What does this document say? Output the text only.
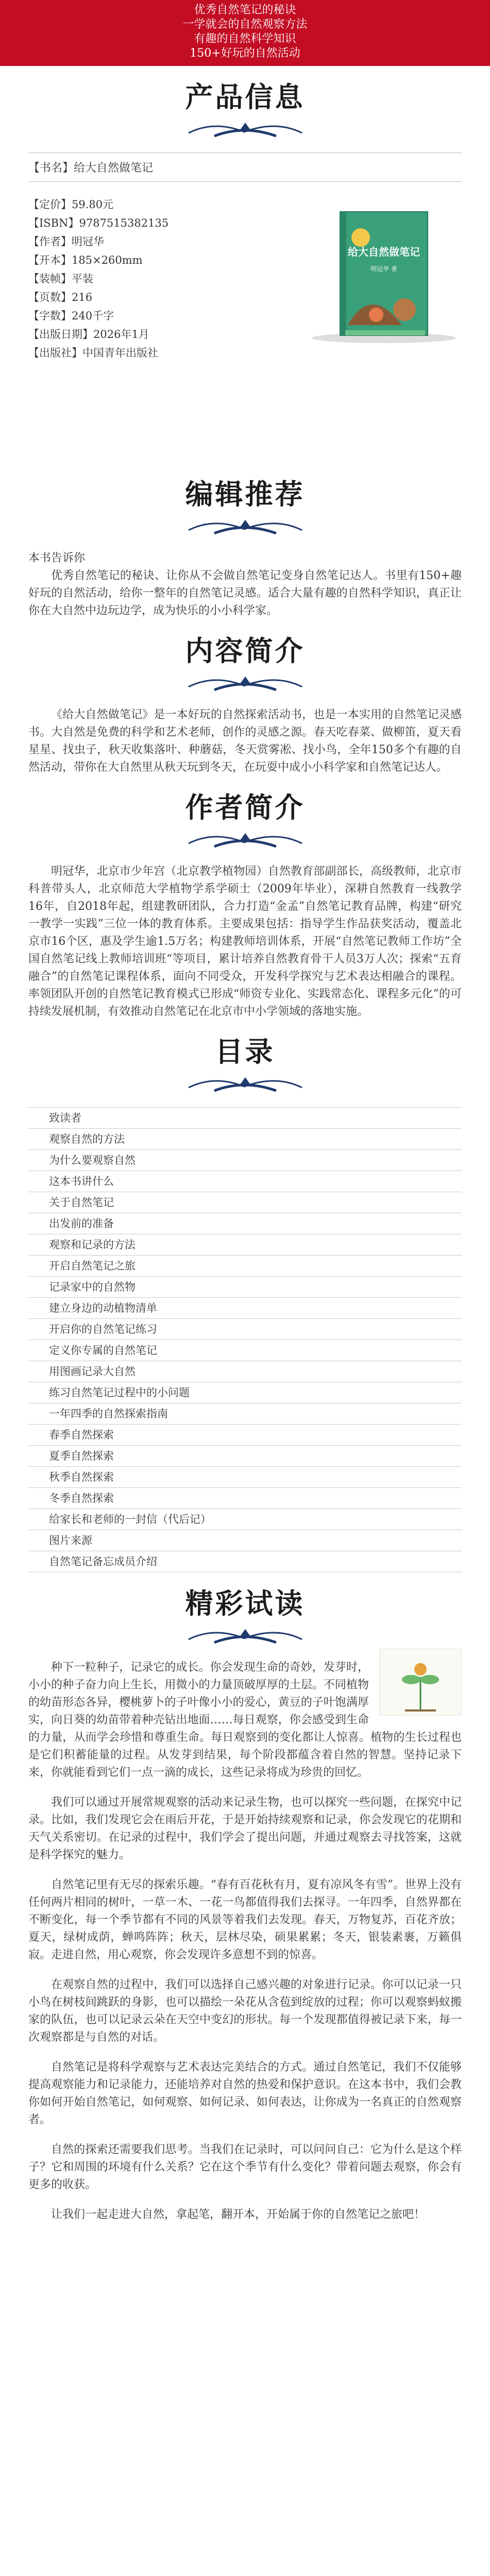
优秀自然笔记的秘诀

一学就会的自然观察方法

有趣的自然科学知识

150+好玩的自然活动

产品信息
【书名】给大自然做笔记
【定价】59.80元
【ISBN】9787515382135
【作者】明冠华
【开本】185×260mm
【装帧】平装
【页数】216
【字数】240千字
【出版日期】2026年1月
【出版社】中国青年出版社
给大自然做笔记
明冠华 著
编辑推荐

本书告诉你

优秀自然笔记的秘诀、让你从不会做自然笔记变身自然笔记达人。书里有150+趣好玩的自然活动，给你一整年的自然笔记灵感。适合大量有趣的自然科学知识，真正让你在大自然中边玩边学，成为快乐的小小科学家。

内容简介

《给大自然做笔记》是一本好玩的自然探索活动书，也是一本实用的自然笔记灵感书。大自然是免费的科学和艺术老师，创作的灵感之源。春天吃春菜、做柳笛，夏天看星星、找虫子，秋天收集落叶、种蘑菇，冬天赏雾凇、找小鸟，全年150多个有趣的自然活动，带你在大自然里从秋天玩到冬天，在玩耍中成小小科学家和自然笔记达人。

作者简介

明冠华，北京市少年宫（北京教学植物园）自然教育部副部长，高级教师，北京市科普带头人，北京师范大学植物学系学硕士（2009年毕业），深耕自然教育一线教学16年，自2018年起，组建教研团队，合力打造“金孟”自然笔记教育品牌，构建“研究一教学一实践”三位一体的教育体系。主要成果包括：指导学生作品获奖活动，覆盖北京市16个区，惠及学生逾1.5万名；构建教师培训体系，开展“自然笔记教师工作坊”全国自然笔记线上教师培训班“等项目，累计培养自然教育骨干人员3万人次；探索“五育融合”的自然笔记课程体系，面向不同受众，开发科学探究与艺术表达相融合的课程。率领团队开创的自然笔记教育模式已形成“师资专业化、实践常态化、课程多元化”的可持续发展机制，有效推动自然笔记在北京市中小学领域的落地实施。

目录
致读者
观察自然的方法
为什么要观察自然
这本书讲什么
关于自然笔记
出发前的准备
观察和记录的方法
开启自然笔记之旅
记录家中的自然物
建立身边的动植物清单
开启你的自然笔记练习
定义你专属的自然笔记
用图画记录大自然
练习自然笔记过程中的小问题
一年四季的自然探索指南
春季自然探索
夏季自然探索
秋季自然探索
冬季自然探索
给家长和老师的一封信（代后记）
图片来源
自然笔记备忘成员介绍
精彩试读

种下一粒种子，记录它的成长。你会发现生命的奇妙，发芽时，小小的种子奋力向上生长，用微小的力量顶破厚厚的土层。不同植物的幼苗形态各异，樱桃萝卜的子叶像小小的爱心，黄豆的子叶饱满厚实，向日葵的幼苗带着种壳钻出地面……每日观察，你会感受到生命的力量，从而学会珍惜和尊重生命。每日观察到的变化都让人惊喜。植物的生长过程也是它们积蓄能量的过程。从发芽到结果，每个阶段都蕴含着自然的智慧。坚持记录下来，你就能看到它们一点一滴的成长，这些记录将成为珍贵的回忆。

我们可以通过开展常规观察的活动来记录生物，也可以探究一些问题，在探究中记录。比如，我们发现它会在雨后开花，于是开始持续观察和记录，你会发现它的花期和天气关系密切。在记录的过程中，我们学会了提出问题，并通过观察去寻找答案，这就是科学探究的魅力。

自然笔记里有无尽的探索乐趣。“春有百花秋有月，夏有凉风冬有雪”。世界上没有任何两片相同的树叶，一草一木、一花一鸟都值得我们去探寻。一年四季，自然界都在不断变化，每一个季节都有不同的风景等着我们去发现。春天，万物复苏，百花齐放；夏天，绿树成荫，蝉鸣阵阵；秋天，层林尽染，硕果累累；冬天，银装素裹，万籁俱寂。走进自然，用心观察，你会发现许多意想不到的惊喜。

在观察自然的过程中，我们可以选择自己感兴趣的对象进行记录。你可以记录一只小鸟在树枝间跳跃的身影，也可以描绘一朵花从含苞到绽放的过程；你可以观察蚂蚁搬家的队伍，也可以记录云朵在天空中变幻的形状。每一个发现都值得被记录下来，每一次观察都是与自然的对话。

自然笔记是将科学观察与艺术表达完美结合的方式。通过自然笔记，我们不仅能够提高观察能力和记录能力，还能培养对自然的热爱和保护意识。在这本书中，我们会教你如何开始自然笔记，如何观察、如何记录、如何表达，让你成为一名真正的自然观察者。

自然的探索还需要我们思考。当我们在记录时，可以问问自己：它为什么是这个样子？它和周围的环境有什么关系？它在这个季节有什么变化？带着问题去观察，你会有更多的收获。

让我们一起走进大自然，拿起笔，翻开本，开始属于你的自然笔记之旅吧！
